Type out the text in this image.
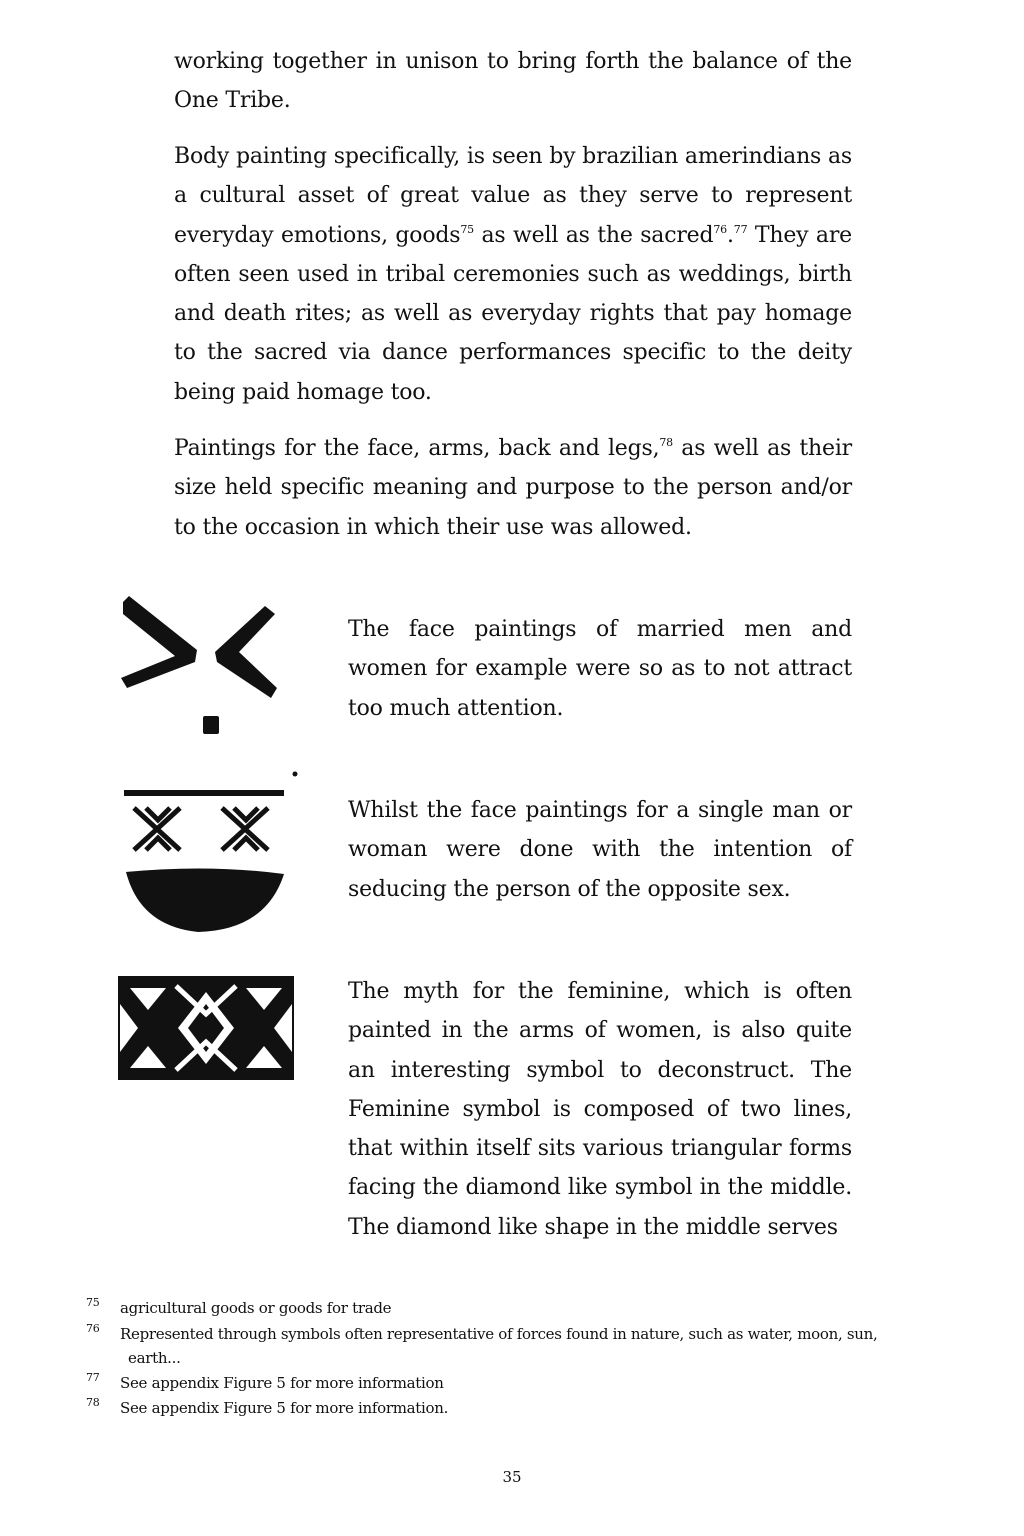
working together in unison to bring forth the balance of the One Tribe.

Body painting specifically, is seen by brazilian amerindians as a cultural asset of great value as they serve to represent everyday emotions, goods$^{75}$ as well as the sacred$^{76}$.$^{77}$ They are often seen used in tribal ceremonies such as weddings, birth and death rites; as well as everyday rights that pay homage to the sacred via dance performances specific to the deity being paid homage too.

Paintings for the face, arms, back and legs,$^{78}$ as well as their size held specific meaning and purpose to the person and/or to the occasion in which their use was allowed.

The face paintings of married men and women for example were so as to not attract too much attention.

Whilst the face paintings for a single man or woman were done with the intention of seducing the person of the opposite sex.

The myth for the feminine, which is often painted in the arms of women, is also quite an interesting symbol to deconstruct. The Feminine symbol is composed of two lines, that within itself sits various triangular forms facing the diamond like symbol in the middle. The diamond like shape in the middle serves

75 agricultural goods or goods for trade
76 Represented through symbols often representative of forces found in nature, such as water, moon, sun,
earth...
77 See appendix Figure 5 for more information
78 See appendix Figure 5 for more information.
35
